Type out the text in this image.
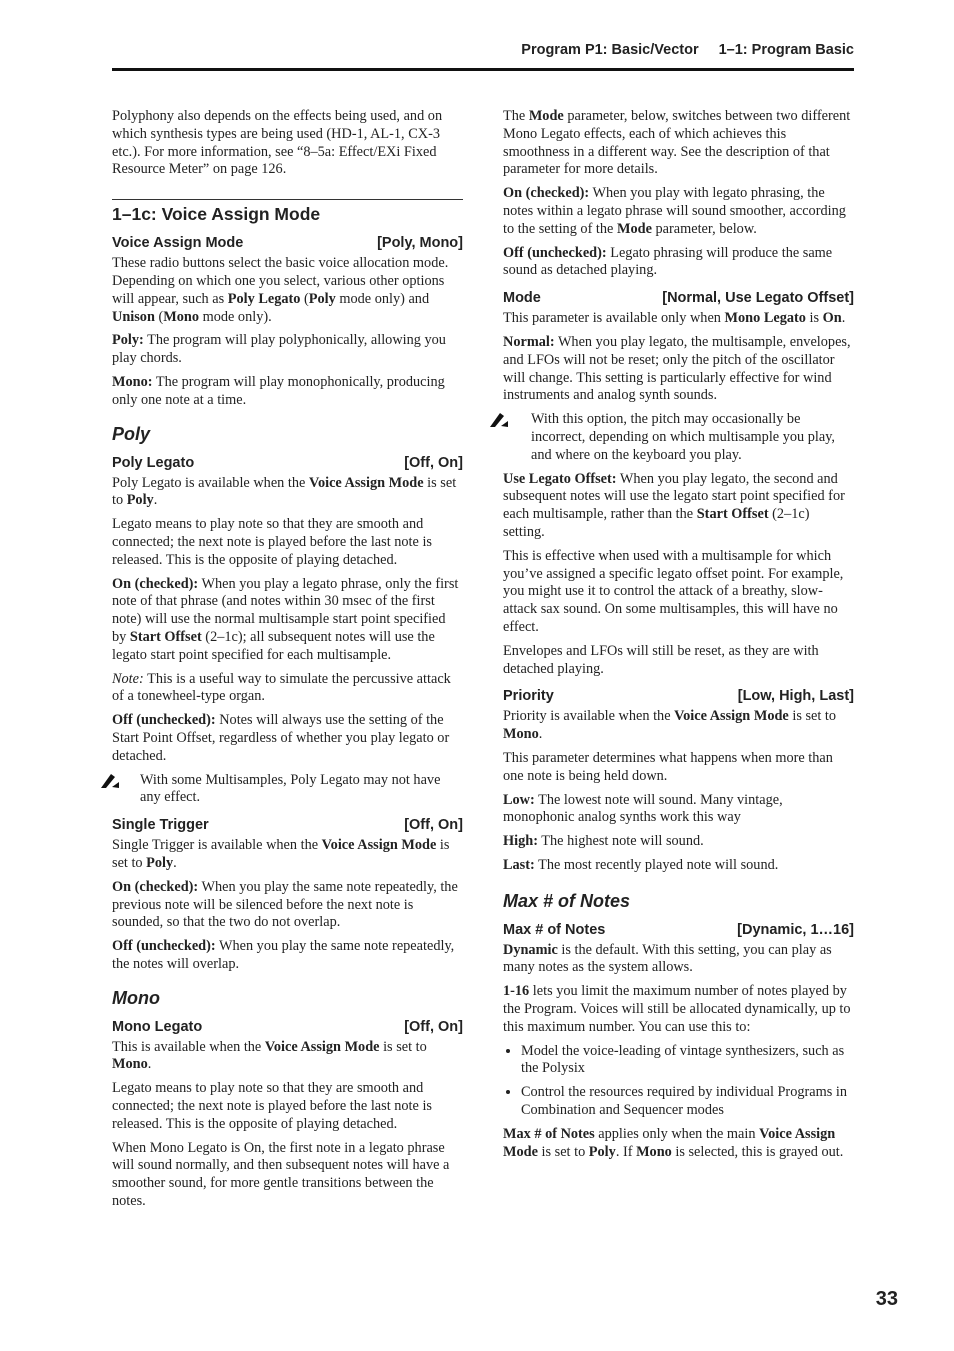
Program P1: Basic/Vector 1–1: Program Basic

Polyphony also depends on the effects being used, and on which synthesis types are being used (HD-1, AL-1, CX-3 etc.). For more information, see “8–5a: Effect/EXi Fixed Resource Meter” on page 126.

1–1c: Voice Assign Mode
Voice Assign Mode	[Poly, Mono]

These radio buttons select the basic voice allocation mode. Depending on which one you select, various other options will appear, such as Poly Legato (Poly mode only) and Unison (Mono mode only).

Poly: The program will play polyphonically, allowing you play chords.

Mono: The program will play monophonically, producing only one note at a time.

Poly
Poly Legato	[Off, On]

Poly Legato is available when the Voice Assign Mode is set to Poly.

Legato means to play note so that they are smooth and connected; the next note is played before the last note is released. This is the opposite of playing detached.

On (checked): When you play a legato phrase, only the first note of that phrase (and notes within 30 msec of the first note) will use the normal multisample start point specified by Start Offset (2–1c); all subsequent notes will use the legato start point specified for each multisample.

Note: This is a useful way to simulate the percussive attack of a tonewheel-type organ.

Off (unchecked): Notes will always use the setting of the Start Point Offset, regardless of whether you play legato or detached.

With some Multisamples, Poly Legato may not have any effect.

Single Trigger	[Off, On]

Single Trigger is available when the Voice Assign Mode is set to Poly.

On (checked): When you play the same note repeatedly, the previous note will be silenced before the next note is sounded, so that the two do not overlap.

Off (unchecked): When you play the same note repeatedly, the notes will overlap.

Mono
Mono Legato	[Off, On]

This is available when the Voice Assign Mode is set to Mono.

Legato means to play note so that they are smooth and connected; the next note is played before the last note is released. This is the opposite of playing detached.

When Mono Legato is On, the first note in a legato phrase will sound normally, and then subsequent notes will have a smoother sound, for more gentle transitions between the notes.

The Mode parameter, below, switches between two different Mono Legato effects, each of which achieves this smoothness in a different way. See the description of that parameter for more details.

On (checked): When you play with legato phrasing, the notes within a legato phrase will sound smoother, according to the setting of the Mode parameter, below.

Off (unchecked): Legato phrasing will produce the same sound as detached playing.

Mode	[Normal, Use Legato Offset]

This parameter is available only when Mono Legato is On.

Normal: When you play legato, the multisample, envelopes, and LFOs will not be reset; only the pitch of the oscillator will change. This setting is particularly effective for wind instruments and analog synth sounds.

With this option, the pitch may occasionally be incorrect, depending on which multisample you play, and where on the keyboard you play.

Use Legato Offset: When you play legato, the second and subsequent notes will use the legato start point specified for each multisample, rather than the Start Offset (2–1c) setting.

This is effective when used with a multisample for which you’ve assigned a specific legato offset point. For example, you might use it to control the attack of a breathy, slow-attack sax sound. On some multisamples, this will have no effect.

Envelopes and LFOs will still be reset, as they are with detached playing.

Priority	[Low, High, Last]

Priority is available when the Voice Assign Mode is set to Mono.

This parameter determines what happens when more than one note is being held down.

Low: The lowest note will sound. Many vintage, monophonic analog synths work this way

High: The highest note will sound.

Last: The most recently played note will sound.

Max # of Notes
Max # of Notes	[Dynamic, 1…16]

Dynamic is the default. With this setting, you can play as many notes as the system allows.

1-16 lets you limit the maximum number of notes played by the Program. Voices will still be allocated dynamically, up to this maximum number. You can use this to:

• Model the voice-leading of vintage synthesizers, such as the Polysix
• Control the resources required by individual Programs in Combination and Sequencer modes

Max # of Notes applies only when the main Voice Assign Mode is set to Poly. If Mono is selected, this is grayed out.

33
